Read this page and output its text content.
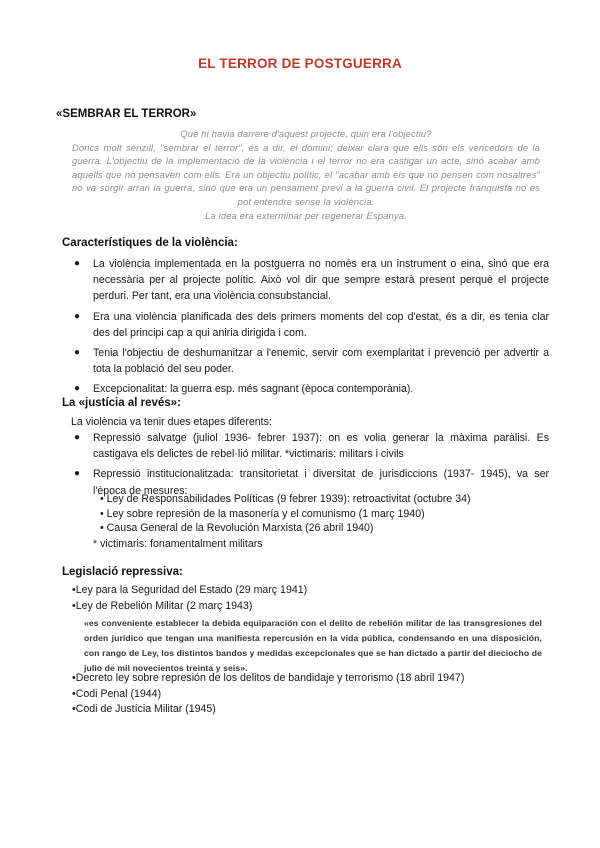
EL TERROR DE POSTGUERRA
«SEMBRAR EL TERROR»

Què hi havia darrere d'aquest projecte, quin era l'objectiu?

Doncs molt senzill, "sembrar el terror", és a dir, el domini; deixar clara que ells són els vencedors de la guerra. L'objectiu de la implementació de la violència i el terror no era castigar un acte, sinó acabar amb aquells que no pensaven com ells. Era un objectiu polític, el "acabar amb els que no pensen com nosaltres" no va sorgir arran la guerra, sinó que era un pensament previ a la guerra civil. El projecte franquista no es pot entendre sense la violència.

La idea era exterminar per regenerar Espanya.

Característiques de la violència:
● La violència implementada en la postguerra no només era un instrument o eina, sinó que era necessària per al projecte polític. Això vol dir que sempre estarà present perquè el projecte perduri. Per tant, era una violència consubstancial.
● Era una violència planificada des dels primers moments del cop d'estat, és a dir, es tenia clar des del principi cap a qui aniria dirigida i com.
● Tenia l'objectiu de deshumanitzar a l'enemic, servir com exemplaritat i prevenció per advertir a tota la població del seu poder.
● Excepcionalitat: la guerra esp. més sagnant (època contemporània).
La «justícia al revés»:
La violència va tenir dues etapes diferents:
● Repressió salvatge (juliol 1936- febrer 1937): on es volia generar la màxima paràlisi. Es castigava els delictes de rebel·lió militar. *victimaris: militars i civils
● Repressió institucionalitzada: transitorietat i diversitat de jurisdiccions (1937- 1945), va ser l'època de mesures:
• Ley de Responsabilidades Políticas (9 febrer 1939): retroactivitat (octubre 34)
• Ley sobre represión de la masonería y el comunismo (1 març 1940)
• Causa General de la Revolución Marxista (26 abril 1940)
* victimaris: fonamentalment militars
Legislació repressiva:
•Ley para la Seguridad del Estado (29 març 1941)
•Ley de Rebelión Militar (2 març 1943)
«es conveniente establecer la debida equiparación con el delito de rebelión militar de las transgresiones del orden jurídico que tengan una manifiesta repercusión en la vida pública, condensando en una disposición, con rango de Ley, los distintos bandos y medidas excepcionales que se han dictado a partir del dieciocho de julio de mil novecientos treinta y seis».
•Decreto ley sobre represión de los delitos de bandidaje y terrorismo (18 abril 1947)
•Codi Penal (1944)
•Codi de Justícia Militar (1945)
